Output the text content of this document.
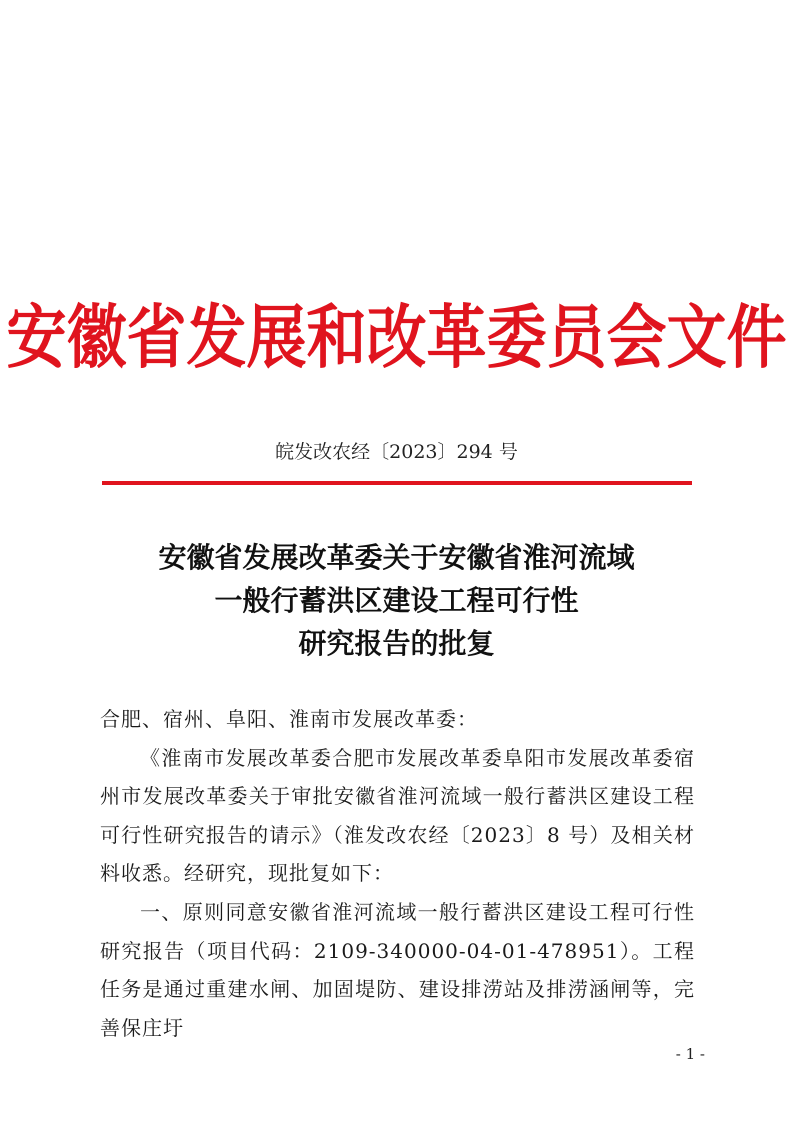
安徽省发展和改革委员会文件
皖发改农经〔2023〕294 号
安徽省发展改革委关于安徽省淮河流域
一般行蓄洪区建设工程可行性
研究报告的批复

合肥、宿州、阜阳、淮南市发展改革委：

《淮南市发展改革委合肥市发展改革委阜阳市发展改革委宿州市发展改革委关于审批安徽省淮河流域一般行蓄洪区建设工程可行性研究报告的请示》（淮发改农经〔2023〕8 号）及相关材料收悉。经研究，现批复如下：

一、原则同意安徽省淮河流域一般行蓄洪区建设工程可行性研究报告（项目代码：2109-340000-04-01-478951）。工程任务是通过重建水闸、加固堤防、建设排涝站及排涝涵闸等，完善保庄圩

- 1 -
